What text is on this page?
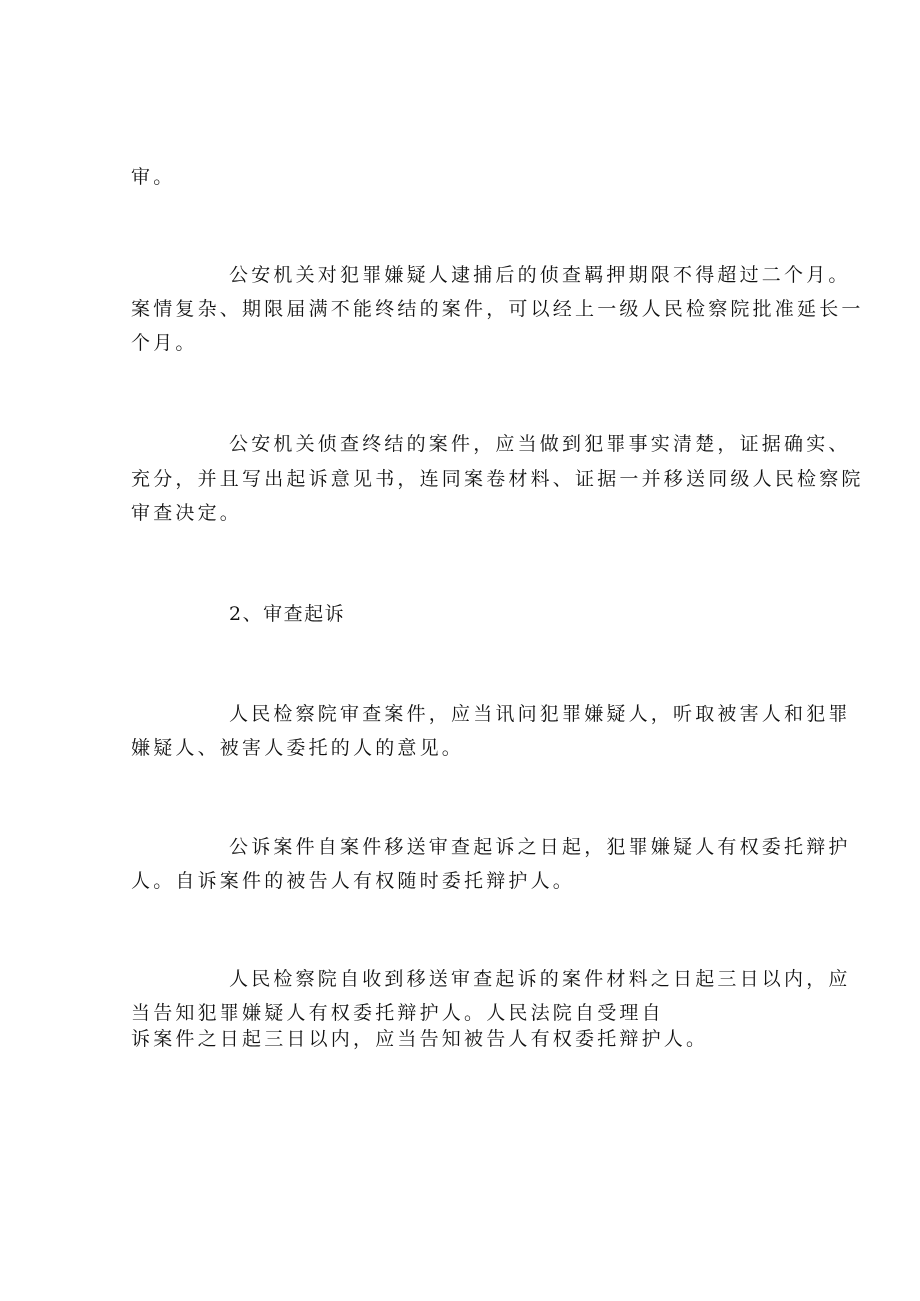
审。
公安机关对犯罪嫌疑人逮捕后的侦查羁押期限不得超过二个月。
案情复杂、期限届满不能终结的案件，可以经上一级人民检察院批准延长一
个月。
公安机关侦查终结的案件，应当做到犯罪事实清楚，证据确实、
充分，并且写出起诉意见书，连同案卷材料、证据一并移送同级人民检察院
审查决定。
2、审查起诉
人民检察院审查案件，应当讯问犯罪嫌疑人，听取被害人和犯罪
嫌疑人、被害人委托的人的意见。
公诉案件自案件移送审查起诉之日起，犯罪嫌疑人有权委托辩护
人。自诉案件的被告人有权随时委托辩护人。
人民检察院自收到移送审查起诉的案件材料之日起三日以内，应
当告知犯罪嫌疑人有权委托辩护人。人民法院自受理自
诉案件之日起三日以内，应当告知被告人有权委托辩护人。
